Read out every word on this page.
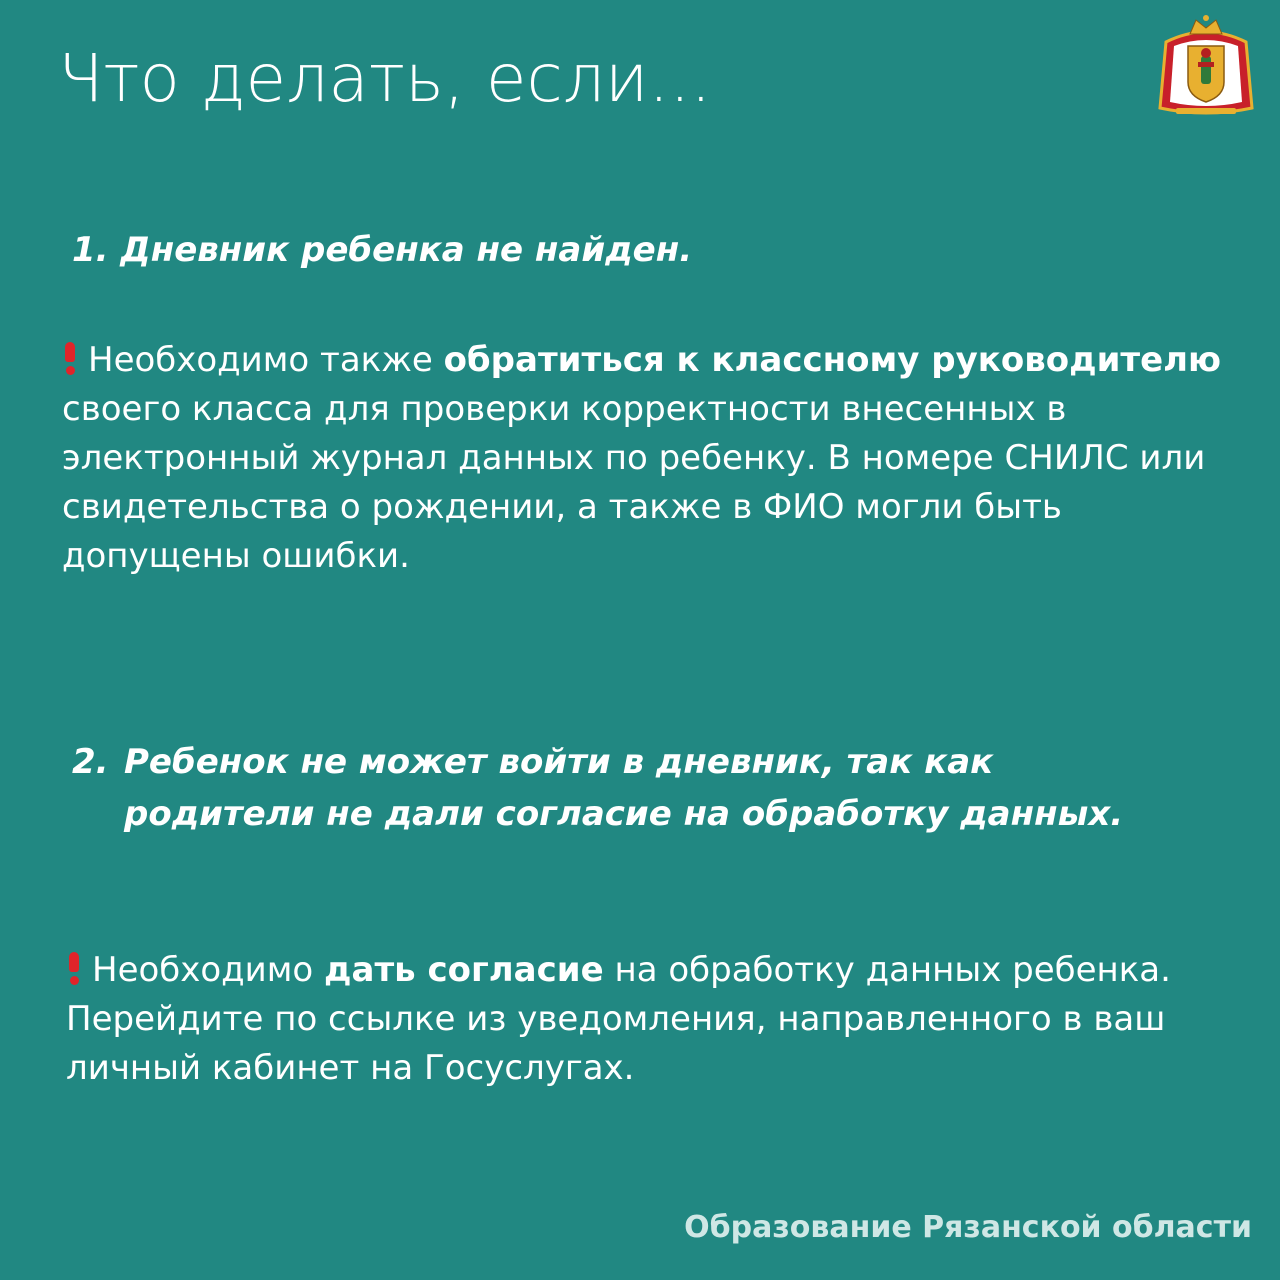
Что делать, если...
1. Дневник ребенка не найден.

Необходимо также обратиться к классному руководителю своего класса для проверки корректности внесенных в электронный журнал данных по ребенку. В номере СНИЛС или свидетельства о рождении, а также в ФИО могли быть допущены ошибки.

2. Ребенок не может войти в дневник, так как родители не дали согласие на обработку данных.

Необходимо дать согласие на обработку данных ребенка. Перейдите по ссылке из уведомления, направленного в ваш личный кабинет на Госуслугах.

Образование Рязанской области
